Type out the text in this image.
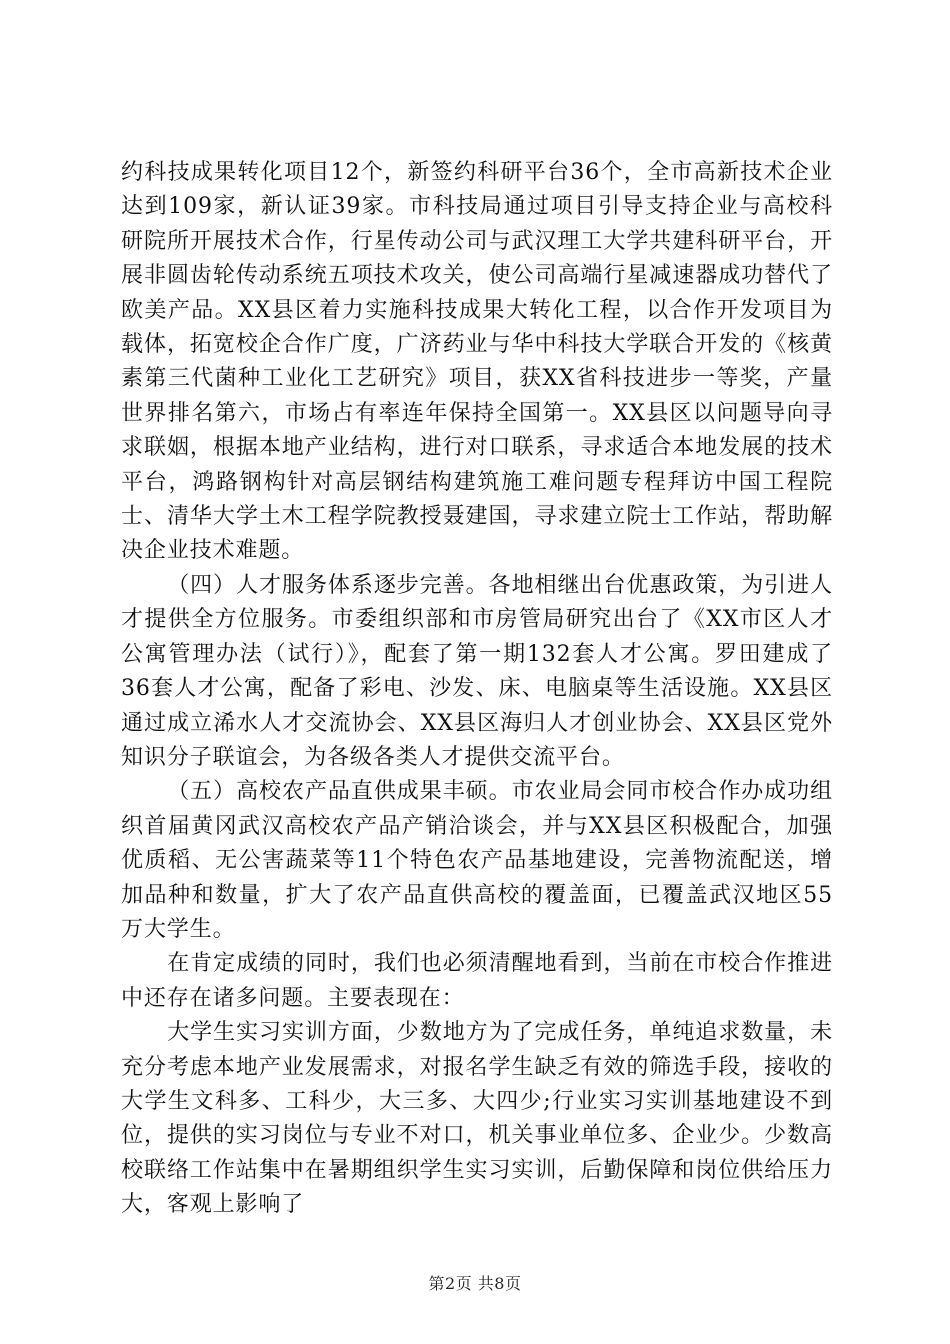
约科技成果转化项目12个，新签约科研平台36个，全市高新技术企业达到109家，新认证39家。市科技局通过项目引导支持企业与高校科研院所开展技术合作，行星传动公司与武汉理工大学共建科研平台，开展非圆齿轮传动系统五项技术攻关，使公司高端行星减速器成功替代了欧美产品。XX县区着力实施科技成果大转化工程，以合作开发项目为载体，拓宽校企合作广度，广济药业与华中科技大学联合开发的《核黄素第三代菌种工业化工艺研究》项目，获XX省科技进步一等奖，产量世界排名第六，市场占有率连年保持全国第一。XX县区以问题导向寻求联姻，根据本地产业结构，进行对口联系，寻求适合本地发展的技术平台，鸿路钢构针对高层钢结构建筑施工难问题专程拜访中国工程院士、清华大学土木工程学院教授聂建国，寻求建立院士工作站，帮助解决企业技术难题。

（四）人才服务体系逐步完善。各地相继出台优惠政策，为引进人才提供全方位服务。市委组织部和市房管局研究出台了《XX市区人才公寓管理办法（试行）》，配套了第一期132套人才公寓。罗田建成了36套人才公寓，配备了彩电、沙发、床、电脑桌等生活设施。XX县区通过成立浠水人才交流协会、XX县区海归人才创业协会、XX县区党外知识分子联谊会，为各级各类人才提供交流平台。

（五）高校农产品直供成果丰硕。市农业局会同市校合作办成功组织首届黄冈武汉高校农产品产销洽谈会，并与XX县区积极配合，加强优质稻、无公害蔬菜等11个特色农产品基地建设，完善物流配送，增加品种和数量，扩大了农产品直供高校的覆盖面，已覆盖武汉地区55万大学生。

在肯定成绩的同时，我们也必须清醒地看到，当前在市校合作推进中还存在诸多问题。主要表现在：

大学生实习实训方面，少数地方为了完成任务，单纯追求数量，未充分考虑本地产业发展需求，对报名学生缺乏有效的筛选手段，接收的大学生文科多、工科少，大三多、大四少;行业实习实训基地建设不到位，提供的实习岗位与专业不对口，机关事业单位多、企业少。少数高校联络工作站集中在暑期组织学生实习实训，后勤保障和岗位供给压力大，客观上影响了

第2页 共8页
